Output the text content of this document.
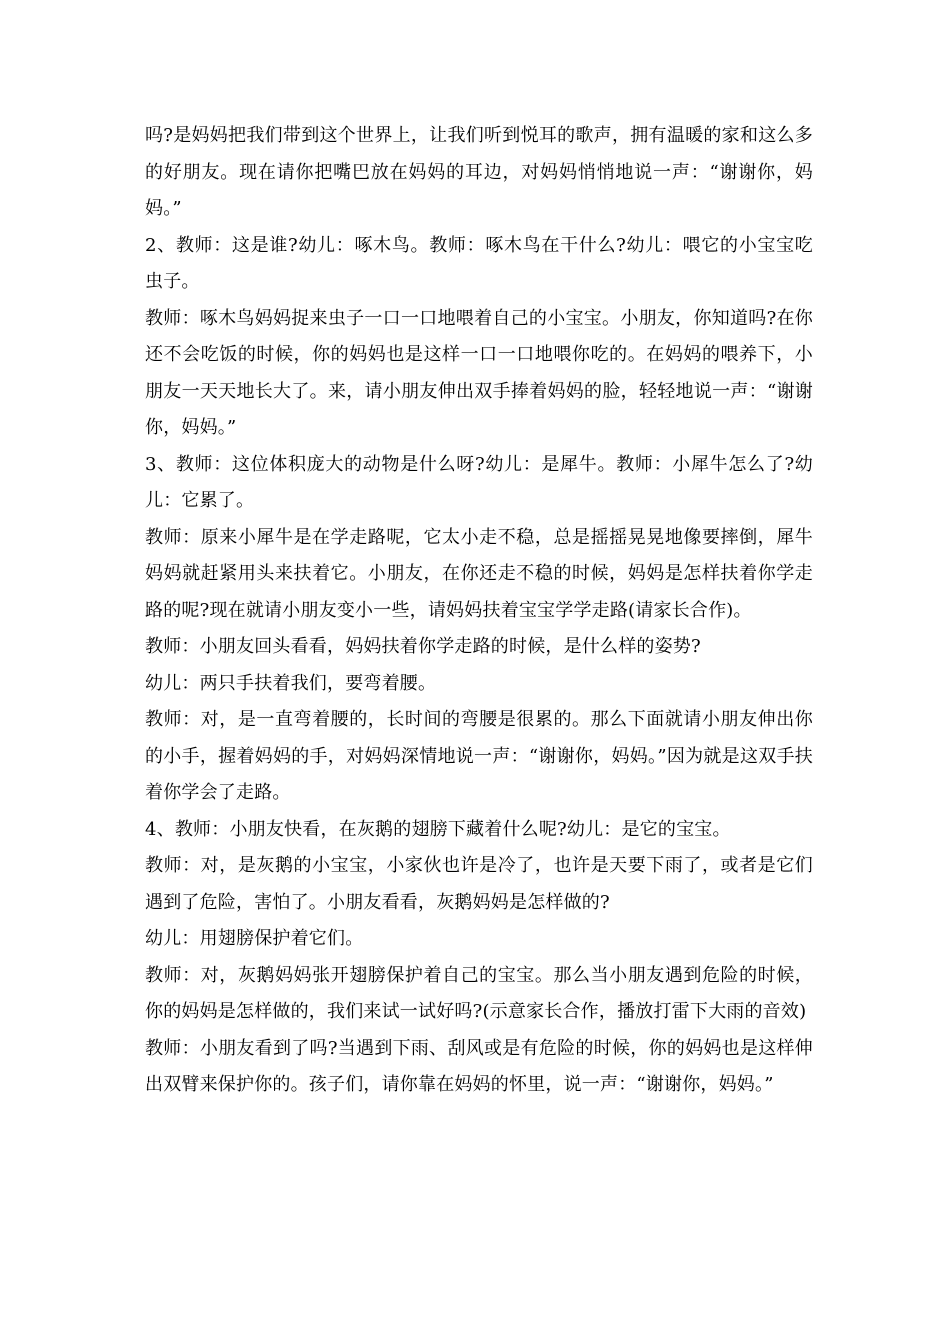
吗?是妈妈把我们带到这个世界上，让我们听到悦耳的歌声，拥有温暖的家和这么多的好朋友。现在请你把嘴巴放在妈妈的耳边，对妈妈悄悄地说一声：“谢谢你，妈妈。”

2、教师：这是谁?幼儿：啄木鸟。教师：啄木鸟在干什么?幼儿：喂它的小宝宝吃虫子。

教师：啄木鸟妈妈捉来虫子一口一口地喂着自己的小宝宝。小朋友，你知道吗?在你还不会吃饭的时候，你的妈妈也是这样一口一口地喂你吃的。在妈妈的喂养下，小朋友一天天地长大了。来，请小朋友伸出双手捧着妈妈的脸，轻轻地说一声：“谢谢你，妈妈。”

3、教师：这位体积庞大的动物是什么呀?幼儿：是犀牛。教师：小犀牛怎么了?幼儿：它累了。

教师：原来小犀牛是在学走路呢，它太小走不稳，总是摇摇晃晃地像要摔倒，犀牛妈妈就赶紧用头来扶着它。小朋友，在你还走不稳的时候，妈妈是怎样扶着你学走路的呢?现在就请小朋友变小一些，请妈妈扶着宝宝学学走路(请家长合作)。

教师：小朋友回头看看，妈妈扶着你学走路的时候，是什么样的姿势?

幼儿：两只手扶着我们，要弯着腰。

教师：对，是一直弯着腰的，长时间的弯腰是很累的。那么下面就请小朋友伸出你的小手，握着妈妈的手，对妈妈深情地说一声：“谢谢你，妈妈。”因为就是这双手扶着你学会了走路。

4、教师：小朋友快看，在灰鹅的翅膀下藏着什么呢?幼儿：是它的宝宝。

教师：对，是灰鹅的小宝宝，小家伙也许是冷了，也许是天要下雨了，或者是它们遇到了危险，害怕了。小朋友看看，灰鹅妈妈是怎样做的?

幼儿：用翅膀保护着它们。

教师：对，灰鹅妈妈张开翅膀保护着自己的宝宝。那么当小朋友遇到危险的时候，你的妈妈是怎样做的，我们来试一试好吗?(示意家长合作，播放打雷下大雨的音效)

教师：小朋友看到了吗?当遇到下雨、刮风或是有危险的时候，你的妈妈也是这样伸出双臂来保护你的。孩子们，请你靠在妈妈的怀里，说一声：“谢谢你，妈妈。”
